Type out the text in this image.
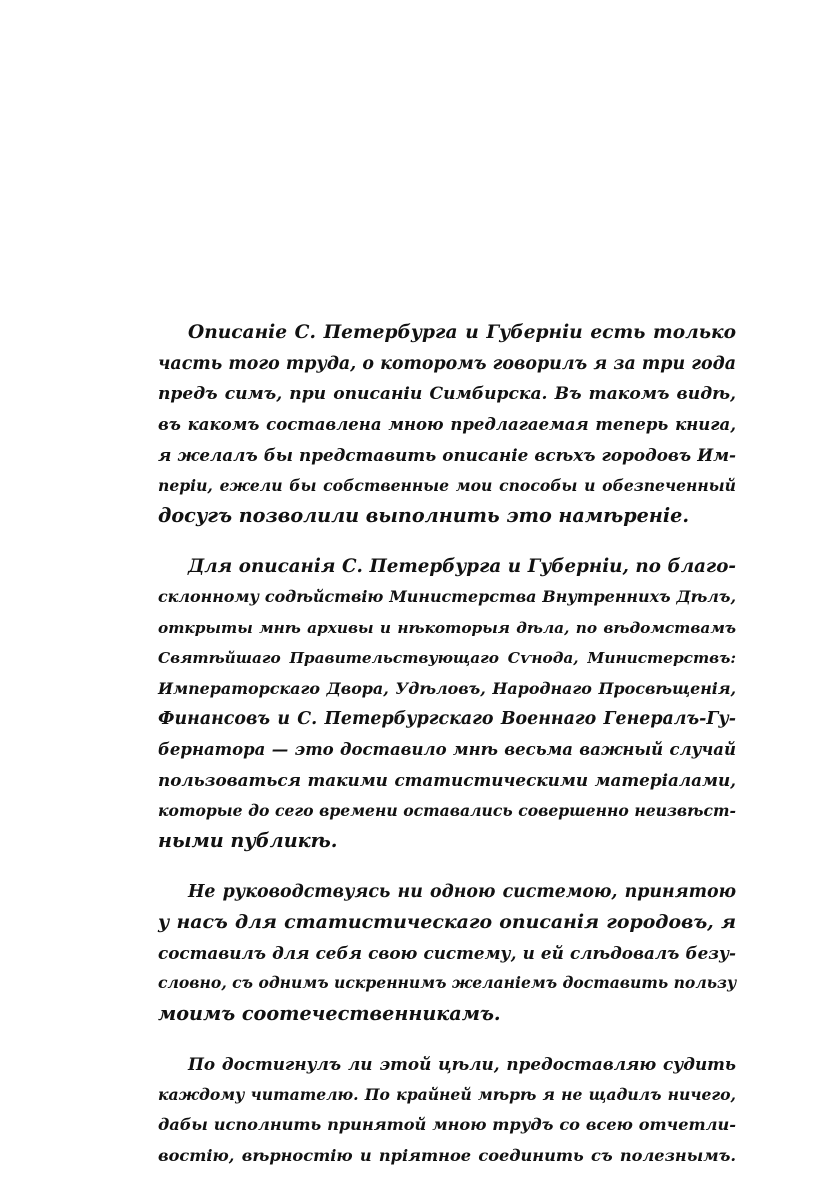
Описаніе С. Петербурга и Губерніи есть только
часть того труда, о которомъ говорилъ я за три года
предъ симъ, при описаніи Симбирска. Въ такомъ видѣ,
въ какомъ составлена мною предлагаемая теперь книга,
я желалъ бы представить описаніе всѣхъ городовъ Им-
періи, ежели бы собственные мои способы и обезпеченный
досугъ позволили выполнить это намѣреніе.

Для описанія С. Петербурга и Губерніи, по благо-
склонному содѣйствію Министерства Внутреннихъ Дѣлъ,
открыты мнѣ архивы и нѣкоторыя дѣла, по вѣдомствамъ
Святѣйшаго Правительствующаго Сѵнода, Министерствъ:
Императорскаго Двора, Удѣловъ, Народнаго Просвѣщенія,
Финансовъ и С. Петербургскаго Военнаго Генералъ-Гу-
бернатора — это доставило мнѣ весьма важный случай
пользоваться такими статистическими матеріалами,
которые до сего времени оставались совершенно неизвѣст-
ными публикѣ.

Не руководствуясь ни одною системою, принятою
у насъ для статистическаго описанія городовъ, я
составилъ для себя свою систему, и ей слѣдовалъ безу-
словно, съ однимъ искреннимъ желаніемъ доставить пользу
моимъ соотечественникамъ.

По достигнулъ ли этой цѣли, предоставляю судить
каждому читателю. По крайней мѣрѣ я не щадилъ ничего,
дабы исполнить принятой мною трудъ со всею отчетли-
востію, вѣрностію и пріятное соединить съ полезнымъ.
